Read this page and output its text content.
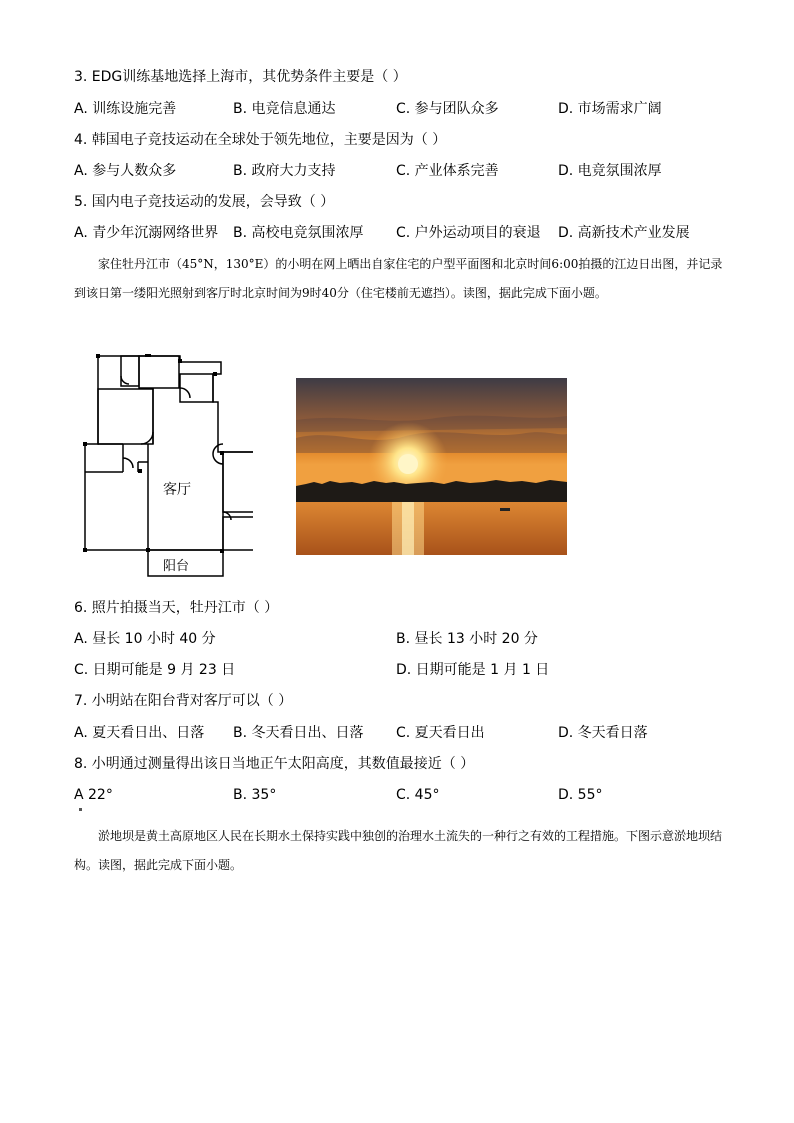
3. EDG训练基地选择上海市，其优势条件主要是（ ）
A. 训练设施完善	B. 电竞信息通达	C. 参与团队众多	D. 市场需求广阔
4. 韩国电子竞技运动在全球处于领先地位，主要是因为（ ）
A. 参与人数众多	B. 政府大力支持	C. 产业体系完善	D. 电竞氛围浓厚
5. 国内电子竞技运动的发展，会导致（ ）
A. 青少年沉溺网络世界 B. 高校电竞氛围浓厚 C. 户外运动项目的衰退 D. 高新技术产业发展

家住牡丹江市（45°N，130°E）的小明在网上晒出自家住宅的户型平面图和北京时间6:00拍摄的江边日出图，并记录到该日第一缕阳光照射到客厅时北京时间为9时40分（住宅楼前无遮挡）。读图，据此完成下面小题。

客厅
阳台
6. 照片拍摄当天，牡丹江市（ ）
A. 昼长 10 小时 40 分	B. 昼长 13 小时 20 分
C. 日期可能是 9 月 23 日	D. 日期可能是 1 月 1 日
7. 小明站在阳台背对客厅可以（ ）
A. 夏天看日出、日落 B. 冬天看日出、日落 C. 夏天看日出	D. 冬天看日落
8. 小明通过测量得出该日当地正午太阳高度，其数值最接近（ ）
A 22°	B. 35°	C. 45°	D. 55°

淤地坝是黄土高原地区人民在长期水土保持实践中独创的治理水土流失的一种行之有效的工程措施。下图示意淤地坝结构。读图，据此完成下面小题。
